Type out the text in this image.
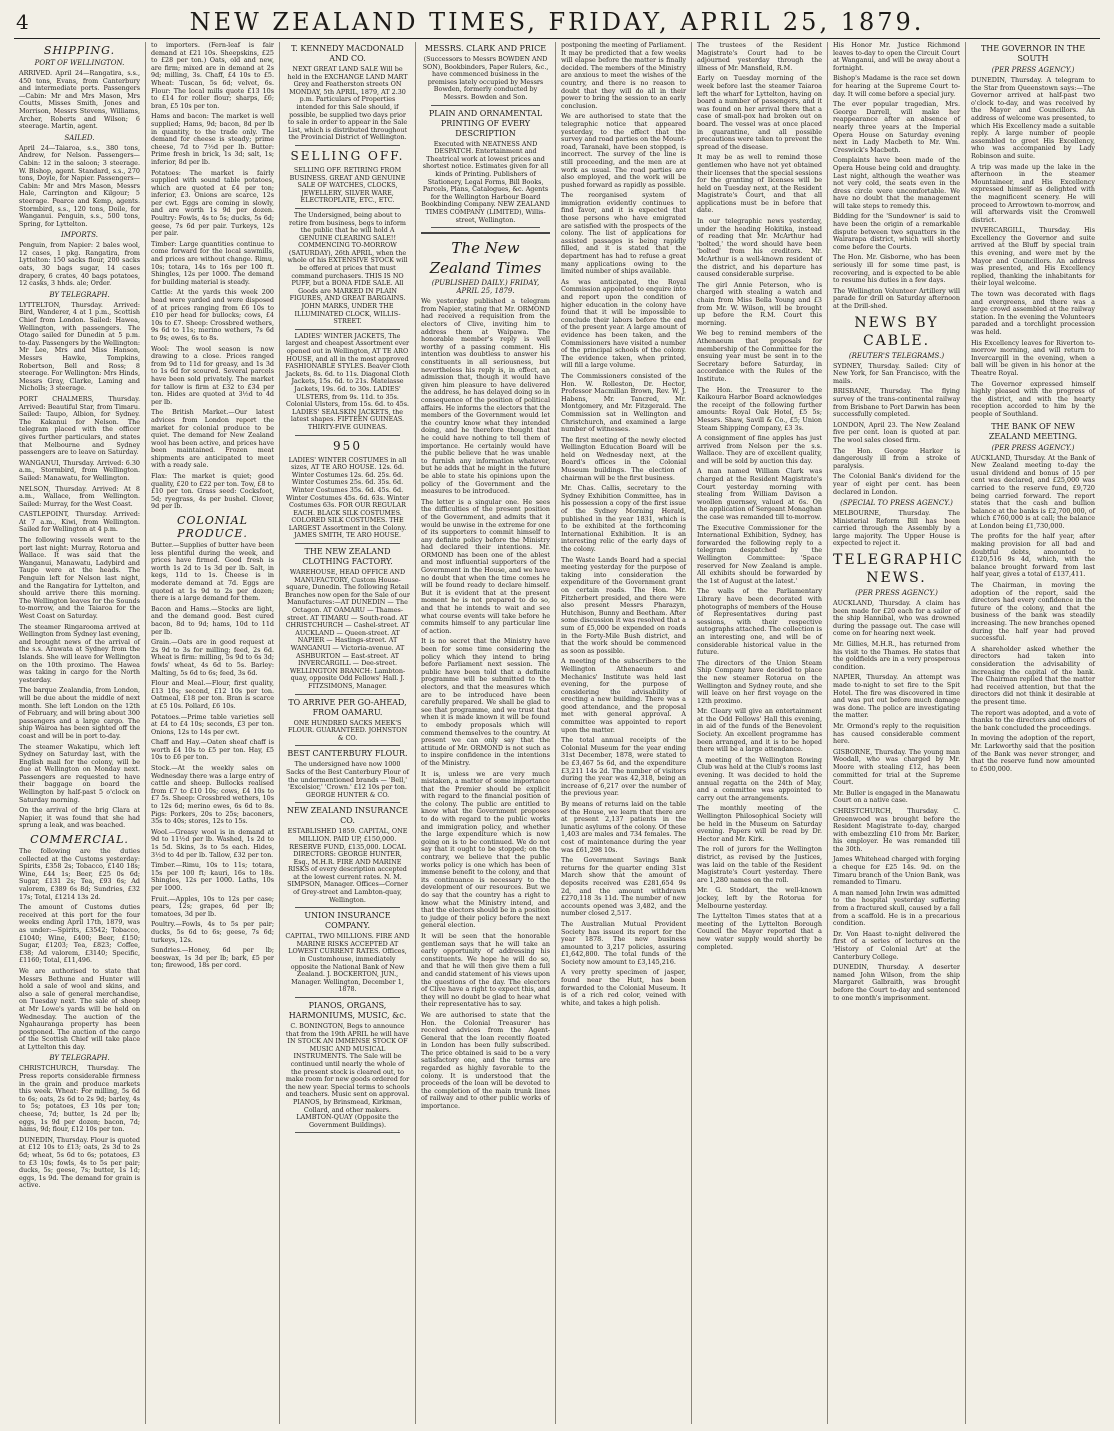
4	NEW ZEALAND TIMES, FRIDAY, APRIL 25, 1879.
SHIPPING.
PORT OF WELLINGTON.
ARRIVED. April 24—Rangatira, s.s., 450 tons, Evans, from Canterbury and intermediate ports. Passengers—Cabin: Mr and Mrs Mason, Mrs Coutts, Misses Smith, Jones and Morrison, Messrs Stevens, Williams, Archer, Roberts and Wilson; 6 steerage. Martin, agent.
SAILED.
April 24—Taiaroa, s.s., 380 tons, Andrew, for Nelson. Passengers—Cabin: 12 in the saloon; 3 steerage. W. Bishop, agent. Standard, s.s., 270 tons, Doyle, for Napier. Passengers—Cabin: Mr and Mrs Mason, Messrs Hale, Carrington and Kilgour; 5 steerage. Pearce and Kemp, agents. Stormbird, s.s., 120 tons, Doile, for Wanganui. Penguin, s.s., 500 tons, Spring, for Lyttelton.
IMPORTS.
Penguin, from Napier: 2 bales wool, 12 cases, 1 pkg. Rangatira, from Lyttelton: 150 sacks flour, 200 sacks oats, 30 bags sugar, 14 cases drapery, 6 crates, 40 bags potatoes, 12 casks, 3 hhds. ale; Order.
BY TELEGRAPH.
LYTTELTON, Thursday. Arrived: Bird, Wanderer, 4 at 1 p.m., Scottish Chief from London. Sailed: Hawea, Wellington, with passengers. The Otago sailed for Dunedin at 5 p.m. to-day. Passengers by the Wellington: Mr Lee, Mrs and Miss Hanson, Messrs Hawke, Tompkins, Robertson, Bell and Ross; 8 steerage. For Wellington: Mrs Hinds, Messrs Gray, Clarke, Laming and Nicholls; 3 steerage.
PORT CHALMERS, Thursday. Arrived: Beautiful Star, from Timaru. Sailed: Taupo, Albion, for Sydney. The Kakanui for Nelson. The telegram placed with the officer gives further particulars, and states that Melbourne and Sydney passengers are to leave on Saturday.
WANGANUI, Thursday. Arrived: 6.30 a.m., Stormbird, from Wellington. Sailed: Manawatu, for Wellington.
NELSON, Thursday. Arrived: At 8 a.m., Wallace, from Wellington. Sailed: Murray, for the West Coast.
CASTLEPOINT, Thursday. Arrived: At 7 a.m., Kiwi, from Wellington. Sailed for Wellington at 4 p.m.
The following vessels went to the port last night: Murray, Rotorua and Wallace. It was said that the Wanganui, Manawatu, Ladybird and Taupo were at the heads. The Penguin left for Nelson last night, and the Rangatira for Lyttelton, and should arrive there this morning. The Wellington leaves for the Sounds to-morrow, and the Taiaroa for the West Coast on Saturday.
The steamer Ringarooma arrived at Wellington from Sydney last evening, and brought news of the arrival of the s.s. Arawata at Sydney from the Islands. She will leave for Wellington on the 10th proximo. The Hawea was taking in cargo for the North yesterday.
The barque Zealandia, from London, will be due about the middle of next month. She left London on the 12th of February, and will bring about 300 passengers and a large cargo. The ship Wairoa has been sighted off the coast and will be in port to-day.
The steamer Wakatipu, which left Sydney on Saturday last, with the English mail for the colony, will be due at Wellington on Monday next. Passengers are requested to have their baggage on board the Wellington by half-past 5 o'clock on Saturday morning.
On the arrival of the brig Clara at Napier, it was found that she had sprung a leak, and was beached.
COMMERCIAL.
The following are the duties collected at the Customs yesterday: Spirits, £358 2s; Tobacco, £140 18s; Wine, £44 1s; Beer, £25 0s 6d; Sugar, £131 2s; Tea, £93 6s; Ad valorem, £389 6s 8d; Sundries, £32 17s; Total, £1214 13s 2d.
The amount of Customs duties received at this port for the four weeks ending April 17th, 1879, was as under:—Spirits, £3542; Tobacco, £1040; Wine, £400; Beer, £150; Sugar, £1203; Tea, £823; Coffee, £38; Ad valorem, £3140; Specific, £1160; Total, £11,496.
We are authorised to state that Messrs Bethune and Hunter will hold a sale of wool and skins, and also a sale of general merchandise, on Tuesday next. The sale of sheep at Mr Lowe's yards will be held on Wednesday. The auction of the Ngahauranga property has been postponed. The auction of the cargo of the Scottish Chief will take place at Lyttelton this day.
BY TELEGRAPH.
CHRISTCHURCH, Thursday. The Press reports considerable firmness in the grain and produce markets this week. Wheat: For milling, 5s 6d to 6s; oats, 2s 6d to 2s 9d; barley, 4s to 5s; potatoes, £3 10s per ton; cheese, 7d; butter, 1s 2d per lb; eggs, 1s 9d per dozen; bacon, 7d; hams, 9d; flour, £12 10s per ton.
DUNEDIN, Thursday. Flour is quoted at £12 10s to £13; oats, 2s 3d to 2s 6d; wheat, 5s 6d to 6s; potatoes, £3 to £3 10s; fowls, 4s to 5s per pair; ducks, 5s; geese, 7s; butter, 1s 1d; eggs, 1s 9d. The demand for grain is active.
to importers. (Fern-leaf is fair demand at £21 10s. Sheepskins, £25 to £28 per ton.) Oats, old and new, are firm; mixed are in demand at 2s 9d; milling, 3s. Chaff, £4 10s to £5. Wheat: Tuscan, 5s 6d; velvet, 6s. Flour: The local mills quote £13 10s to £14 for roller flour; sharps, £6; bran, £5 10s per ton.
Hams and bacon: The market is well supplied; Hams, 9d; bacon, 8d per lb in quantity, to the trade only. The demand for cheese is steady; prime cheese, 7d to 7½d per lb. Butter: Prime fresh in brick, 1s 3d; salt, 1s; inferior, 8d per lb.
Potatoes: The market is fairly supplied with sound table potatoes, which are quoted at £4 per ton; inferior, £3. Onions are scarce, 12s per cwt. Eggs are coming in slowly, and are worth 1s 9d per dozen. Poultry: Fowls, 4s to 5s; ducks, 5s 6d; geese, 7s 6d per pair. Turkeys, 12s per pair.
Timber: Large quantities continue to come forward for the local sawmills, and prices are without change. Rimu, 10s; totara, 14s to 16s per 100 ft. Shingles, 12s per 1000. The demand for building material is steady.
Cattle: At the yards this week 200 head were yarded and were disposed of at prices ranging from £6 10s to £10 per head for bullocks; cows, £4 10s to £7. Sheep: Crossbred wethers, 9s 6d to 11s; merino wethers, 7s 6d to 9s; ewes, 6s to 8s.
Wool: The wool season is now drawing to a close. Prices ranged from 9d to 11d for greasy, and 1s 3d to 1s 6d for scoured. Several parcels have been sold privately. The market for tallow is firm at £32 to £34 per ton. Hides are quoted at 3½d to 4d per lb.
The British Market.—Our latest advices from London report the market for colonial produce to be quiet. The demand for New Zealand wool has been active, and prices have been maintained. Frozen meat shipments are anticipated to meet with a ready sale.
Flax: The market is quiet; good quality, £20 to £22 per ton. Tow, £8 to £10 per ton. Grass seed: Cocksfoot, 5d; ryegrass, 4s per bushel. Clover, 9d per lb.
COLONIAL PRODUCE.
Butter.—Supplies of butter have been less plentiful during the week, and prices have firmed. Good fresh is worth 1s 2d to 1s 3d per lb. Salt, in kegs, 11d to 1s. Cheese is in moderate demand at 7d. Eggs are quoted at 1s 9d to 2s per dozen; there is a large demand for them.
Bacon and Hams.—Stocks are light, and the demand good. Best cured bacon, 8d to 9d; hams, 10d to 11d per lb.
Grain.—Oats are in good request at 2s 9d to 3s for milling; feed, 2s 6d. Wheat is firm: milling, 5s 9d to 6s 3d; fowls' wheat, 4s 6d to 5s. Barley: Malting, 5s 6d to 6s; feed, 3s 6d.
Flour and Meal.—Flour, first quality, £13 10s; second, £12 10s per ton. Oatmeal, £18 per ton. Bran is scarce at £5 10s. Pollard, £6 10s.
Potatoes.—Prime table varieties sell at £4 to £4 10s; seconds, £3 per ton. Onions, 12s to 14s per cwt.
Chaff and Hay.—Oaten sheaf chaff is worth £4 10s to £5 per ton. Hay, £5 10s to £6 per ton.
Stock.—At the weekly sales on Wednesday there was a large entry of cattle and sheep. Bullocks realised from £7 to £10 10s; cows, £4 10s to £7 5s. Sheep: Crossbred wethers, 10s to 12s 6d; merino ewes, 6s 6d to 8s. Pigs: Porkers, 20s to 25s; baconers, 35s to 40s; stores, 12s to 15s.
Wool.—Greasy wool is in demand at 9d to 11½d per lb. Washed, 1s 2d to 1s 5d. Skins, 3s to 5s each. Hides, 3½d to 4d per lb. Tallow, £32 per ton.
Timber.—Rimu, 10s to 11s; totara, 15s per 100 ft; kauri, 16s to 18s. Shingles, 12s per 1000. Laths, 10s per 1000.
Fruit.—Apples, 10s to 12s per case; pears, 12s; grapes, 6d per lb; tomatoes, 3d per lb.
Poultry.—Fowls, 4s to 5s per pair; ducks, 5s 6d to 6s; geese, 7s 6d; turkeys, 12s.
Sundries.—Honey, 6d per lb; beeswax, 1s 3d per lb; bark, £5 per ton; firewood, 18s per cord.
T. KENNEDY MACDONALD AND CO.
NEXT GREAT LAND SALE Will be held in the EXCHANGE LAND MART Grey and Featherston streets ON MONDAY, 5th APRIL, 1879, AT 2.30 p.m. Particulars of Properties intended for this Sale should, if possible, be supplied two days prior to sale in order to appear in the Sale List, which is distributed throughout the Provincial District of Wellington.
SELLING OFF.
SELLING OFF. RETIRING FROM BUSINESS. GREAT AND GENUINE SALE OF WATCHES, CLOCKS, JEWELLERY, SILVER WARE, ELECTROPLATE, ETC., ETC.
The Undersigned, being about to retire from business, begs to inform the public that he will hold A GENUINE CLEARING SALE!! COMMENCING TO-MORROW (SATURDAY), 26th APRIL, when the whole of his EXTENSIVE STOCK will be offered at prices that must command purchasers. THIS IS NO PUFF, but a BONA FIDE SALE. All Goods are MARKED IN PLAIN FIGURES, AND GREAT BARGAINS. JOHN MARKS, UNDER THE ILLUMINATED CLOCK, WILLIS-STREET.
LADIES' WINTER JACKETS, The largest and cheapest Assortment ever opened out in Wellington, AT TE ARO HOUSE, and all in the most approved FASHIONABLE STYLES. Beaver Cloth Jackets, 8s. 6d. to 11s. Diagonal Cloth Jackets, 15s. 6d. to 21s. Matelasse Jackets, 19s. 6d. to 30s. LADIES' ULSTERS, from 9s. 11d. to 35s. Colonial Ulsters, from 15s. 6d. to 45s. LADIES' SEALSKIN JACKETS, the latest shapes. FIFTEEN GUINEAS. THIRTY-FIVE GUINEAS.
950
LADIES' WINTER COSTUMES in all sizes, AT TE ARO HOUSE. 12s. 6d. Winter Costumes 12s. 6d. 25s. 6d. Winter Costumes 25s. 6d. 35s. 6d. Winter Costumes 35s. 6d. 45s. 6d. Winter Costumes 45s. 6d. 63s. Winter Costumes 63s. FOR OUR REGULAR EACH. BLACK SILK COSTUMES. COLORED SILK COSTUMES. THE LARGEST Assortment in the Colony. JAMES SMITH, TE ARO HOUSE.
THE NEW ZEALAND CLOTHING FACTORY.
WAREHOUSE, HEAD OFFICE AND MANUFACTORY, Custom House-square, Dunedin. The following Retail Branches now open for the Sale of our Manufactures:—AT DUNEDIN — The Octagon. AT OAMARU — Thames-street. AT TIMARU — South-road. AT CHRISTCHURCH — Cashel-street. AT AUCKLAND — Queen-street. AT NAPIER — Hastings-street. AT WANGANUI — Victoria-avenue. AT ASHBURTON — East-street. AT INVERCARGILL — Dee-street. WELLINGTON BRANCH: Lambton-quay, opposite Odd Fellows' Hall. J. FITZSIMONS, Manager.
TO ARRIVE PER GO-AHEAD, FROM OAMARU.
ONE HUNDRED SACKS MEEK'S FLOUR. GUARANTEED. JOHNSTON & CO.
BEST CANTERBURY FLOUR.
The undersigned have now 1000 Sacks of the Best Canterbury Flour of the undermentioned brands — 'Bell,' 'Excelsior,' 'Crown.' £12 10s per ton. GEORGE HUNTER & CO.
NEW ZEALAND INSURANCE CO.
ESTABLISHED 1859. CAPITAL, ONE MILLION. PAID UP, £150,000. RESERVE FUND, £135,000. LOCAL DIRECTORS: GEORGE HUNTER, Esq., M.H.R. FIRE AND MARINE RISKS of every description accepted at the lowest current rates. N. M. SIMPSON, Manager. Offices—Corner of Grey-street and Lambton-quay, Wellington.
UNION INSURANCE COMPANY.
CAPITAL, TWO MILLIONS. FIRE AND MARINE RISKS ACCEPTED AT LOWEST CURRENT RATES. Offices, in Customhouse, immediately opposite the National Bank of New Zealand. J. BOCKERTON, JUN., Manager. Wellington, December 1, 1878.
PIANOS, ORGANS, HARMONIUMS, MUSIC, &c.
C. BONINGTON, Begs to announce that from the 19th APRIL he will have IN STOCK AN IMMENSE STOCK OF MUSIC AND MUSICAL INSTRUMENTS. The Sale will be continued until nearly the whole of the present stock is cleared out, to make room for new goods ordered for the new year. Special terms to schools and teachers. Music sent on approval. PIANOS, by Brinsmead, Kirkman, Collard, and other makers. LAMBTON-QUAY (Opposite the Government Buildings).
MESSRS. CLARK AND PRICE
(Successors to Messrs BOWDEN AND SON), Bookbinders, Paper Rulers, &c., have commenced business in the premises lately occupied by Messrs Bowden, formerly conducted by Messrs. Bowden and Son.
PLAIN AND ORNAMENTAL PRINTING OF EVERY DESCRIPTION
Executed with NEATNESS AND DESPATCH. Entertainment and Theatrical work at lowest prices and shortest notice. Estimates given for all kinds of Printing. Publishers of Stationery, Legal Forms, Bill Books, Parcels, Plans, Catalogues, &c. Agents for the Wellington Harbour Board Bookbinding Company. NEW ZEALAND TIMES COMPANY (LIMITED), Willis-street, Wellington.
The New Zealand Times
(PUBLISHED DAILY.) FRIDAY, APRIL 25, 1879.
We yesterday published a telegram from Napier, stating that Mr. ORMOND had received a requisition from the electors of Clive, inviting him to address them at Waipawa. The honorable member's reply is well worthy of a passing comment. His intention was doubtless to answer his constituents in all seriousness, but nevertheless his reply is, in effect, an admission that, though it would have given him pleasure to have delivered the address, he has delayed doing so in consequence of the position of political affairs. He informs the electors that the members of the Government would let the country know what they intended doing, and he therefore thought that he could have nothing to tell them of importance. He certainly would have the public believe that he was unable to furnish any information whatever, but he adds that he might in the future be able to state his opinions upon the policy of the Government and the measures to be introduced.
The letter is a singular one. He sees the difficulties of the present position of the Government, and admits that it would be unwise in the extreme for one of its supporters to commit himself to any definite policy before the Ministry had declared their intentions. Mr. ORMOND has been one of the ablest and most influential supporters of the Government in the House, and we have no doubt that when the time comes he will be found ready to declare himself. But it is evident that at the present moment he is not prepared to do so, and that he intends to wait and see what course events will take before he commits himself to any particular line of action.
It is no secret that the Ministry have been for some time considering the policy which they intend to bring before Parliament next session. The public have been told that a definite programme will be submitted to the electors, and that the measures which are to be introduced have been carefully prepared. We shall be glad to see that programme, and we trust that when it is made known it will be found to embody proposals which will commend themselves to the country. At present we can only say that the attitude of Mr. ORMOND is not such as to inspire confidence in the intentions of the Ministry.
It is, unless we are very much mistaken, a matter of some importance that the Premier should be explicit with regard to the financial position of the colony. The public are entitled to know what the Government proposes to do with regard to the public works and immigration policy, and whether the large expenditure which is now going on is to be continued. We do not say that it ought to be stopped; on the contrary, we believe that the public works policy is one which has been of immense benefit to the colony, and that its continuance is necessary to the development of our resources. But we do say that the country has a right to know what the Ministry intend, and that the electors should be in a position to judge of their policy before the next general election.
It will be seen that the honorable gentleman says that he will take an early opportunity of addressing his constituents. We hope he will do so, and that he will then give them a full and candid statement of his views upon the questions of the day. The electors of Clive have a right to expect this, and they will no doubt be glad to hear what their representative has to say.
We are authorised to state that the Hon. the Colonial Treasurer has received advices from the Agent-General that the loan recently floated in London has been fully subscribed. The price obtained is said to be a very satisfactory one, and the terms are regarded as highly favorable to the colony. It is understood that the proceeds of the loan will be devoted to the completion of the main trunk lines of railway and to other public works of importance.
postponing the meeting of Parliament. It may be predicted that a few weeks will elapse before the matter is finally decided. The members of the Ministry are anxious to meet the wishes of the country, and there is no reason to doubt that they will do all in their power to bring the session to an early conclusion.
We are authorised to state that the telegraphic notice that appeared yesterday, to the effect that the survey and road parties on the Mount-road, Taranaki, have been stopped, is incorrect. The survey of the line is still proceeding, and the men are at work as usual. The road parties are also employed, and the work will be pushed forward as rapidly as possible.
The reorganised system of immigration evidently continues to find favor, and it is expected that those persons who have emigrated are satisfied with the prospects of the colony. The list of applications for assisted passages is being rapidly filled, and it is stated that the department has had to refuse a great many applications owing to the limited number of ships available.
As was anticipated, the Royal Commission appointed to enquire into and report upon the condition of higher education in the colony have found that it will be impossible to conclude their labors before the end of the present year. A large amount of evidence has been taken, and the Commissioners have visited a number of the principal schools of the colony. The evidence taken, when printed, will fill a large volume.
The Commissioners consisted of the Hon. W. Rolleston, Dr. Hector, Professor Macmillan Brown, Rev. W. J. Habens, Mr. Tancred, Mr. Montgomery, and Mr. Fitzgerald. The Commission sat in Wellington and Christchurch, and examined a large number of witnesses.
The first meeting of the newly elected Wellington Education Board will be held on Wednesday next, at the Board's offices in the Colonial Museum buildings. The election of chairman will be the first business.
Mr. Chas. Callis, secretary to the Sydney Exhibition Committee, has in his possession a copy of the first issue of the Sydney Morning Herald, published in the year 1831, which is to be exhibited at the forthcoming International Exhibition. It is an interesting relic of the early days of the colony.
The Waste Lands Board had a special meeting yesterday for the purpose of taking into consideration the expenditure of the Government grant on certain roads. The Hon. Mr. Fitzherbert presided, and there were also present Messrs Pharazyn, Hutchison, Bunny and Beetham. After some discussion it was resolved that a sum of £5,000 be expended on roads in the Forty-Mile Bush district, and that the work should be commenced as soon as possible.
A meeting of the subscribers to the Wellington Athenaeum and Mechanics' Institute was held last evening, for the purpose of considering the advisability of erecting a new building. There was a good attendance, and the proposal met with general approval. A committee was appointed to report upon the matter.
The total annual receipts of the Colonial Museum for the year ending 31st December, 1878, were stated to be £3,467 5s 6d, and the expenditure £3,211 14s 2d. The number of visitors during the year was 42,318, being an increase of 6,217 over the number of the previous year.
By means of returns laid on the table of the House, we learn that there are at present 2,137 patients in the lunatic asylums of the colony. Of these 1,403 are males and 734 females. The cost of maintenance during the year was £61,298 10s.
The Government Savings Bank returns for the quarter ending 31st March show that the amount of deposits received was £281,654 9s 2d, and the amount withdrawn £270,118 3s 11d. The number of new accounts opened was 3,482, and the number closed 2,517.
The Australian Mutual Provident Society has issued its report for the year 1878. The new business amounted to 3,217 policies, assuring £1,642,800. The total funds of the Society now amount to £3,145,216.
A very pretty specimen of jasper, found near the Hutt, has been forwarded to the Colonial Museum. It is of a rich red color, veined with white, and takes a high polish.
The trustees of the Resident Magistrate's Court had to be adjourned yesterday through the illness of Mr. Mansfield, R.M.
Early on Tuesday morning of the week before last the steamer Taiaroa left the wharf for Lyttelton, having on board a number of passengers, and it was found on her arrival there that a case of small-pox had broken out on board. The vessel was at once placed in quarantine, and all possible precautions were taken to prevent the spread of the disease.
It may be as well to remind those gentlemen who have not yet obtained their licenses that the special sessions for the granting of licenses will be held on Tuesday next, at the Resident Magistrate's Court, and that all applications must be in before that date.
In our telegraphic news yesterday, under the heading Hokitika, instead of reading that Mr. McArthur had 'bolted,' the word should have been 'bolted' from his creditors. Mr. McArthur is a well-known resident of the district, and his departure has caused considerable surprise.
The girl Annie Peterson, who is charged with stealing a watch and chain from Miss Bella Young and £3 from Mr. W. Wilson, will be brought up before the R.M. Court this morning.
We beg to remind members of the Athenaeum that proposals for membership of the Committee for the ensuing year must be sent in to the Secretary before Saturday, in accordance with the Rules of the Institute.
The Hon. the Treasurer to the Kaikoura Harbor Board acknowledges the receipt of the following further amounts: Royal Oak Hotel, £5 5s; Messrs. Shaw, Savill & Co., £5; Union Steam Shipping Company, £3 3s.
A consignment of fine apples has just arrived from Nelson per the s.s. Wallace. They are of excellent quality, and will be sold by auction this day.
A man named William Clark was charged at the Resident Magistrate's Court yesterday morning with stealing from William Davison a woollen guernsey, valued at 6s. On the application of Sergeant Monaghan the case was remanded till to-morrow.
The Executive Commissioner for the International Exhibition, Sydney, has forwarded the following reply to a telegram despatched by the Wellington Committee: 'Space reserved for New Zealand is ample. All exhibits should be forwarded by the 1st of August at the latest.'
The walls of the Parliamentary Library have been decorated with photographs of members of the House of Representatives during past sessions, with their respective autographs attached. The collection is an interesting one, and will be of considerable historical value in the future.
The directors of the Union Steam Ship Company have decided to place the new steamer Rotorua on the Wellington and Sydney route, and she will leave on her first voyage on the 12th proximo.
Mr. Cleary will give an entertainment at the Odd Fellows' Hall this evening, in aid of the funds of the Benevolent Society. An excellent programme has been arranged, and it is to be hoped there will be a large attendance.
A meeting of the Wellington Rowing Club was held at the Club's rooms last evening. It was decided to hold the annual regatta on the 24th of May, and a committee was appointed to carry out the arrangements.
The monthly meeting of the Wellington Philosophical Society will be held in the Museum on Saturday evening. Papers will be read by Dr. Hector and Mr. Kirk.
The roll of jurors for the Wellington district, as revised by the Justices, was laid on the table of the Resident Magistrate's Court yesterday. There are 1,280 names on the roll.
Mr. G. Stoddart, the well-known jockey, left by the Rotorua for Melbourne yesterday.
The Lyttelton Times states that at a meeting of the Lyttelton Borough Council the Mayor reported that a new water supply would shortly be completed.
His Honor Mr. Justice Richmond leaves to-day to open the Circuit Court at Wanganui, and will be away about a fortnight.
Bishop's Madame is the race set down for hearing at the Supreme Court to-day. It will come before a special jury.
The ever popular tragedian, Mrs. George Darrell, will make her reappearance after an absence of nearly three years at the Imperial Opera House on Saturday evening next in Lady Macbeth to Mr. Wm. Creswick's Macbeth.
Complaints have been made of the Opera House being cold and draughty. Last night, although the weather was not very cold, the seats even in the dress circle were uncomfortable. We have no doubt that the management will take steps to remedy this.
Bidding for the 'Sundowner' is said to have been the origin of a remarkable dispute between two squatters in the Wairarapa district, which will shortly come before the Courts.
The Hon. Mr. Gisborne, who has been seriously ill for some time past, is recovering, and is expected to be able to resume his duties in a few days.
The Wellington Volunteer Artillery will parade for drill on Saturday afternoon at the Drill-shed.
NEWS BY CABLE.
(REUTER'S TELEGRAMS.)
SYDNEY, Thursday. Sailed: City of New York, for San Francisco, with the mails.
BRISBANE, Thursday. The flying survey of the trans-continental railway from Brisbane to Port Darwin has been successfully completed.
LONDON, April 23. The New Zealand five per cent. loan is quoted at par. The wool sales closed firm.
The Hon. George Harker is dangerously ill from a stroke of paralysis.
The Colonial Bank's dividend for the year of eight per cent. has been declared in London.
(SPECIAL TO PRESS AGENCY.)
MELBOURNE, Thursday. The Ministerial Reform Bill has been carried through the Assembly by a large majority. The Upper House is expected to reject it.
TELEGRAPHIC NEWS.
(PER PRESS AGENCY.)
AUCKLAND, Thursday. A claim has been made for £20 each for a sailor of the ship Hannibal, who was drowned during the passage out. The case will come on for hearing next week.
Mr. Gillies, M.H.R., has returned from his visit to the Thames. He states that the goldfields are in a very prosperous condition.
NAPIER, Thursday. An attempt was made to-night to set fire to the Spit Hotel. The fire was discovered in time and was put out before much damage was done. The police are investigating the matter.
Mr. Ormond's reply to the requisition has caused considerable comment here.
GISBORNE, Thursday. The young man Woodall, who was charged by Mr. Moore with stealing £12, has been committed for trial at the Supreme Court.
Mr. Buller is engaged in the Manawatu Court on a native case.
CHRISTCHURCH, Thursday. C. Greenwood was brought before the Resident Magistrate to-day, charged with embezzling £10 from Mr. Barker, his employer. He was remanded till the 30th.
James Whitehead charged with forging a cheque for £25 14s. 9d. on the Timaru branch of the Union Bank, was remanded to Timaru.
A man named John Irwin was admitted to the hospital yesterday suffering from a fractured skull, caused by a fall from a scaffold. He is in a precarious condition.
Dr. Von Haast to-night delivered the first of a series of lectures on the 'History of Colonial Art' at the Canterbury College.
DUNEDIN, Thursday. A deserter named John Wilson, from the ship Margaret Galbraith, was brought before the Court to-day and sentenced to one month's imprisonment.
THE GOVERNOR IN THE SOUTH
(PER PRESS AGENCY.)
DUNEDIN, Thursday. A telegram to the Star from Queenstown says:—The Governor arrived at half-past two o'clock to-day, and was received by the Mayor and Councillors. An address of welcome was presented, to which His Excellency made a suitable reply. A large number of people assembled to greet His Excellency, who was accompanied by Lady Robinson and suite.
A trip was made up the lake in the afternoon in the steamer Mountaineer, and His Excellency expressed himself as delighted with the magnificent scenery. He will proceed to Arrowtown to-morrow, and will afterwards visit the Cromwell district.
INVERCARGILL, Thursday. His Excellency the Governor and suite arrived at the Bluff by special train this evening, and were met by the Mayor and Councillors. An address was presented, and His Excellency replied, thanking the inhabitants for their loyal welcome.
The town was decorated with flags and evergreens, and there was a large crowd assembled at the railway station. In the evening the Volunteers paraded and a torchlight procession was held.
His Excellency leaves for Riverton to-morrow morning, and will return to Invercargill in the evening, when a ball will be given in his honor at the Theatre Royal.
The Governor expressed himself highly pleased with the progress of the district, and with the hearty reception accorded to him by the people of Southland.
THE BANK OF NEW ZEALAND MEETING.
(PER PRESS AGENCY.)
AUCKLAND, Thursday. At the Bank of New Zealand meeting to-day the usual dividend and bonus of 15 per cent was declared, and £25,000 was carried to the reserve fund, £9,720 being carried forward. The report states that the cash and bullion balance at the banks is £2,700,000, of which £760,000 is at call; the balance at London being £1,730,000.
The profits for the half year, after making provision for all bad and doubtful debts, amounted to £120,516 9s 4d, which, with the balance brought forward from last half year, gives a total of £137,411.
The Chairman, in moving the adoption of the report, said the directors had every confidence in the future of the colony, and that the business of the bank was steadily increasing. The new branches opened during the half year had proved successful.
A shareholder asked whether the directors had taken into consideration the advisability of increasing the capital of the bank. The Chairman replied that the matter had received attention, but that the directors did not think it desirable at the present time.
The report was adopted, and a vote of thanks to the directors and officers of the bank concluded the proceedings.
In moving the adoption of the report, Mr. Larkworthy said that the position of the Bank was never stronger, and that the reserve fund now amounted to £500,000.
